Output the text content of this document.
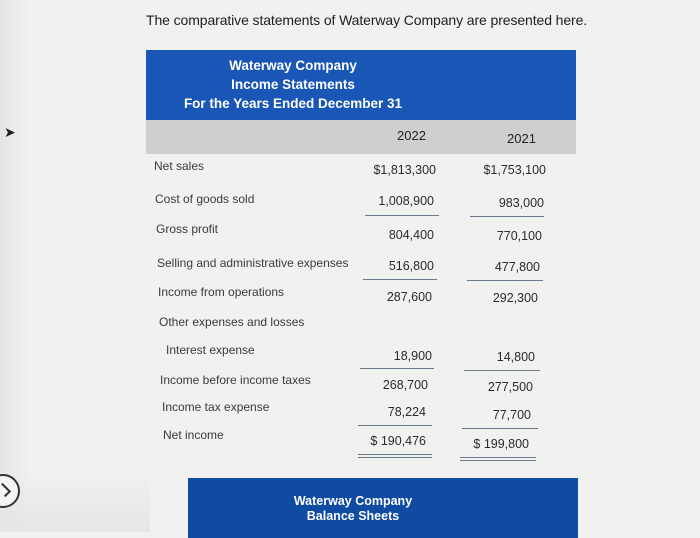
➤
The comparative statements of Waterway Company are presented here.
Waterway Company
Income Statements
For the Years Ended December 31
2022	2021
Net sales
Cost of goods sold
Gross profit
Selling and administrative expenses
Income from operations
Other expenses and losses
Interest expense
Income before income taxes
Income tax expense
Net income
$1,813,300
1,008,900
804,400
516,800
287,600
18,900
268,700
78,224
$ 190,476
$1,753,100
983,000
770,100
477,800
292,300
14,800
277,500
77,700
$ 199,800
Waterway Company
Balance Sheets
